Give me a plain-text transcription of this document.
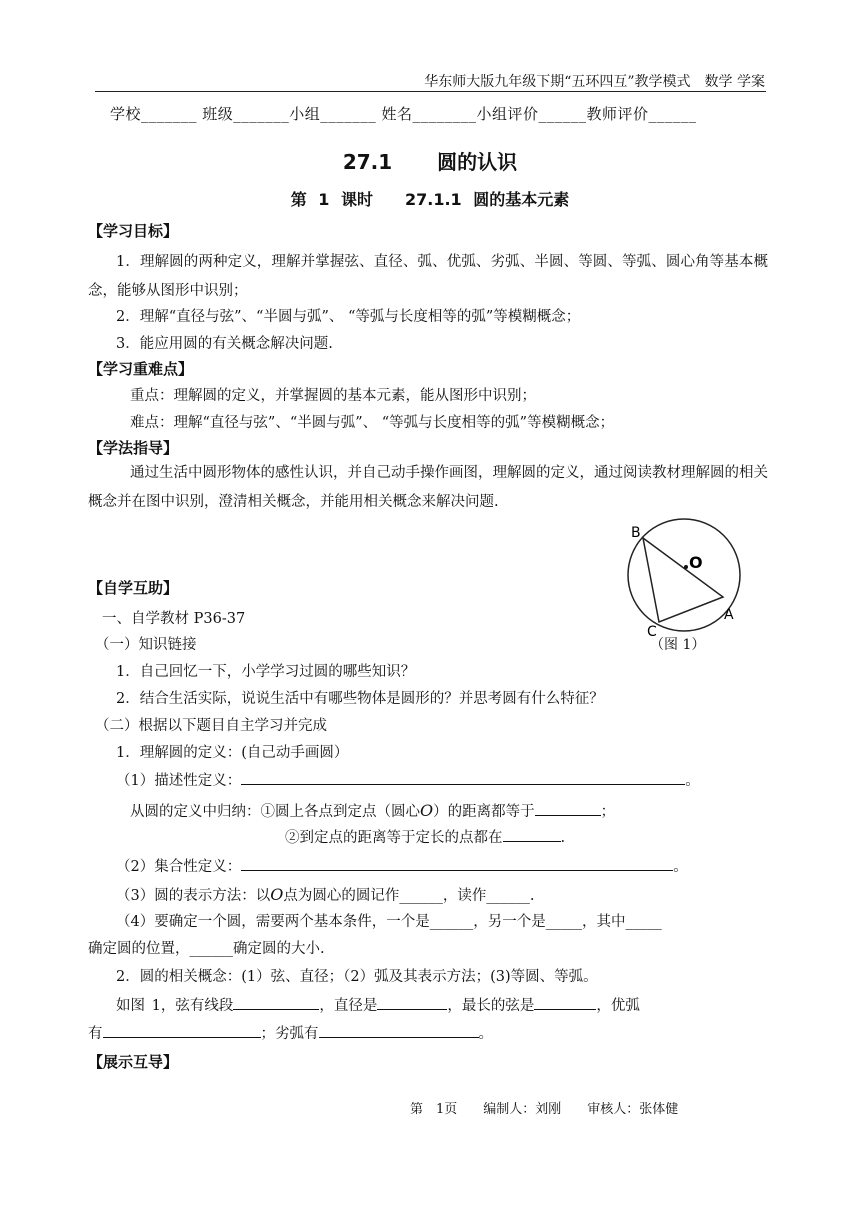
华东师大版九年级下期“五环四互”教学模式　数学 学案
学校_______ 班级_______小组_______ 姓名________小组评价______教师评价______
27.1　 圆的认识
第 1 课时　　27.1.1 圆的基本元素
【学习目标】
1．理解圆的两种定义，理解并掌握弦、直径、弧、优弧、劣弧、半圆、等圆、等弧、圆心角等基本概念，能够从图形中识别；
2．理解“直径与弦”、“半圆与弧”、 “等弧与长度相等的弧”等模糊概念；
3．能应用圆的有关概念解决问题.
【学习重难点】
重点：理解圆的定义，并掌握圆的基本元素，能从图形中识别；
难点：理解“直径与弦”、“半圆与弧”、 “等弧与长度相等的弧”等模糊概念；
【学法指导】
通过生活中圆形物体的感性认识，并自己动手操作画图，理解圆的定义，通过阅读教材理解圆的相关概念并在图中识别，澄清相关概念，并能用相关概念来解决问题.
B
C
A
O
（图 1）
【自学互助】
一、自学教材 P36-37
（一）知识链接
1．自己回忆一下，小学学习过圆的哪些知识？
2．结合生活实际，说说生活中有哪些物体是圆形的？并思考圆有什么特征？
（二）根据以下题目自主学习并完成
1．理解圆的定义：(自己动手画圆）
（1）描述性定义：	。
从圆的定义中归纳：①圆上各点到定点（圆心O）的距离都等于	；
②到定点的距离等于定长的点都在	.
（2）集合性定义：	。
（3）圆的表示方法：以O点为圆心的圆记作______，读作______.
（4）要确定一个圆，需要两个基本条件，一个是______，另一个是_____，其中_____
确定圆的位置，______确定圆的大小.
2．圆的相关概念：(1）弦、直径；（2）弧及其表示方法；(3)等圆、等弧。
如图 1，弦有线段	，直径是	，最长的弦是	，优弧
有	；劣弧有	。
【展示互导】
第　1页　　编制人：刘刚　　审核人：张体健
